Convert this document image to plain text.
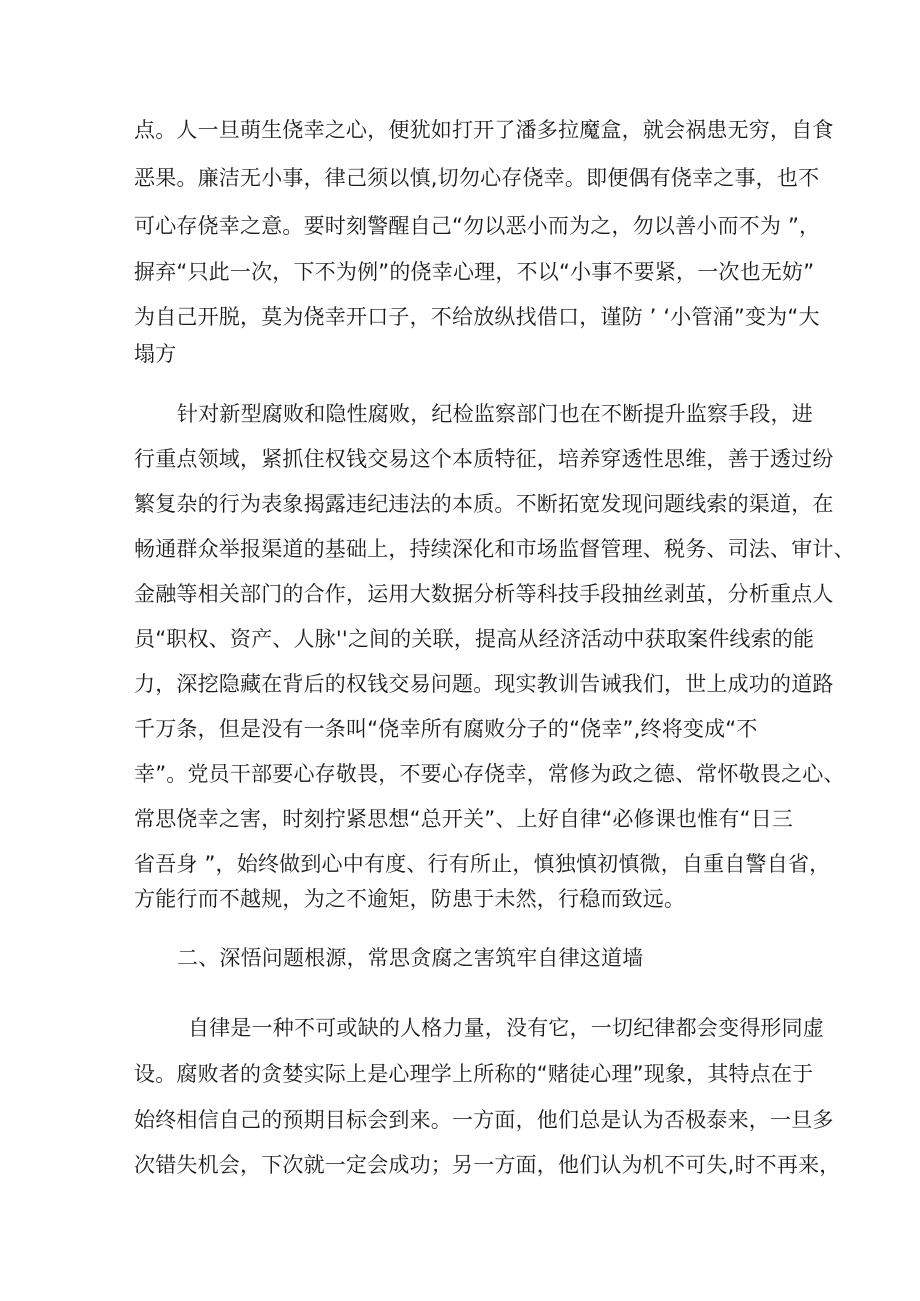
点。人一旦萌生侥幸之心，便犹如打开了潘多拉魔盒，就会祸患无穷，自食
恶果。廉洁无小事，律己须以慎,切勿心存侥幸。即便偶有侥幸之事，也不
可心存侥幸之意。要时刻警醒自己“勿以恶小而为之，勿以善小而不为 ”，
摒弃“只此一次，下不为例”的侥幸心理，不以“小事不要紧，一次也无妨”
为自己开脱，莫为侥幸开口子，不给放纵找借口，谨防 ’ ‘小管涌”变为“大
塌方
针对新型腐败和隐性腐败，纪检监察部门也在不断提升监察手段，进
行重点领域，紧抓住权钱交易这个本质特征，培养穿透性思维，善于透过纷
繁复杂的行为表象揭露违纪违法的本质。不断拓宽发现问题线索的渠道，在
畅通群众举报渠道的基础上，持续深化和市场监督管理、税务、司法、审计、
金融等相关部门的合作，运用大数据分析等科技手段抽丝剥茧，分析重点人
员“职权、资产、人脉''之间的关联，提高从经济活动中获取案件线索的能
力，深挖隐藏在背后的权钱交易问题。现实教训告诫我们，世上成功的道路
千万条，但是没有一条叫“侥幸所有腐败分子的“侥幸”,终将变成“不
幸”。党员干部要心存敬畏，不要心存侥幸，常修为政之德、常怀敬畏之心、
常思侥幸之害，时刻拧紧思想“总开关”、上好自律“必修课也惟有“日三
省吾身 ”，始终做到心中有度、行有所止，慎独慎初慎微，自重自警自省，
方能行而不越规，为之不逾矩，防患于未然，行稳而致远。
二、深悟问题根源，常思贪腐之害筑牢自律这道墙
自律是一种不可或缺的人格力量，没有它，一切纪律都会变得形同虚
设。腐败者的贪婪实际上是心理学上所称的“赌徒心理”现象，其特点在于
始终相信自己的预期目标会到来。一方面，他们总是认为否极泰来，一旦多
次错失机会，下次就一定会成功；另一方面，他们认为机不可失,时不再来，
